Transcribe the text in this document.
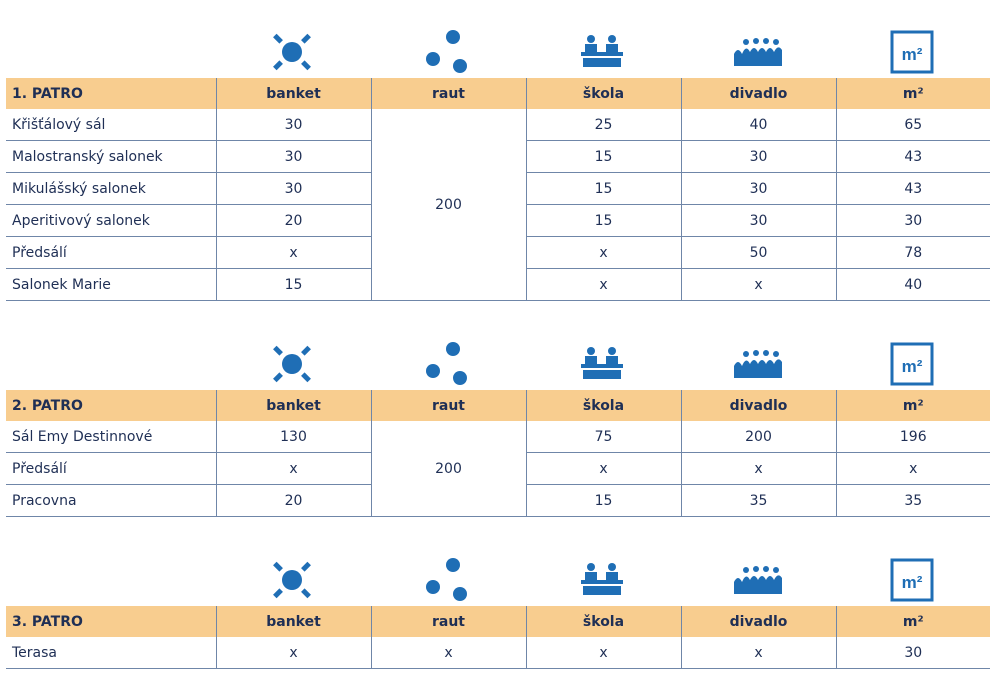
m²
1. PATRO	banket	raut	škola	divadlo	m²
Křišťálový sál	30	200	25	40	65
Malostranský salonek	30		15	30	43
Mikulášský salonek	30		15	30	43
Aperitivový salonek	20		15	30	30
Předsálí	x		x	50	78
Salonek Marie	15		x	x	40
m²
2. PATRO	banket	raut	škola	divadlo	m²
Sál Emy Destinnové	130	200	75	200	196
Předsálí	x		x	x	x
Pracovna	20		15	35	35
m²
3. PATRO	banket	raut	škola	divadlo	m²
Terasa	x	x	x	x	30
